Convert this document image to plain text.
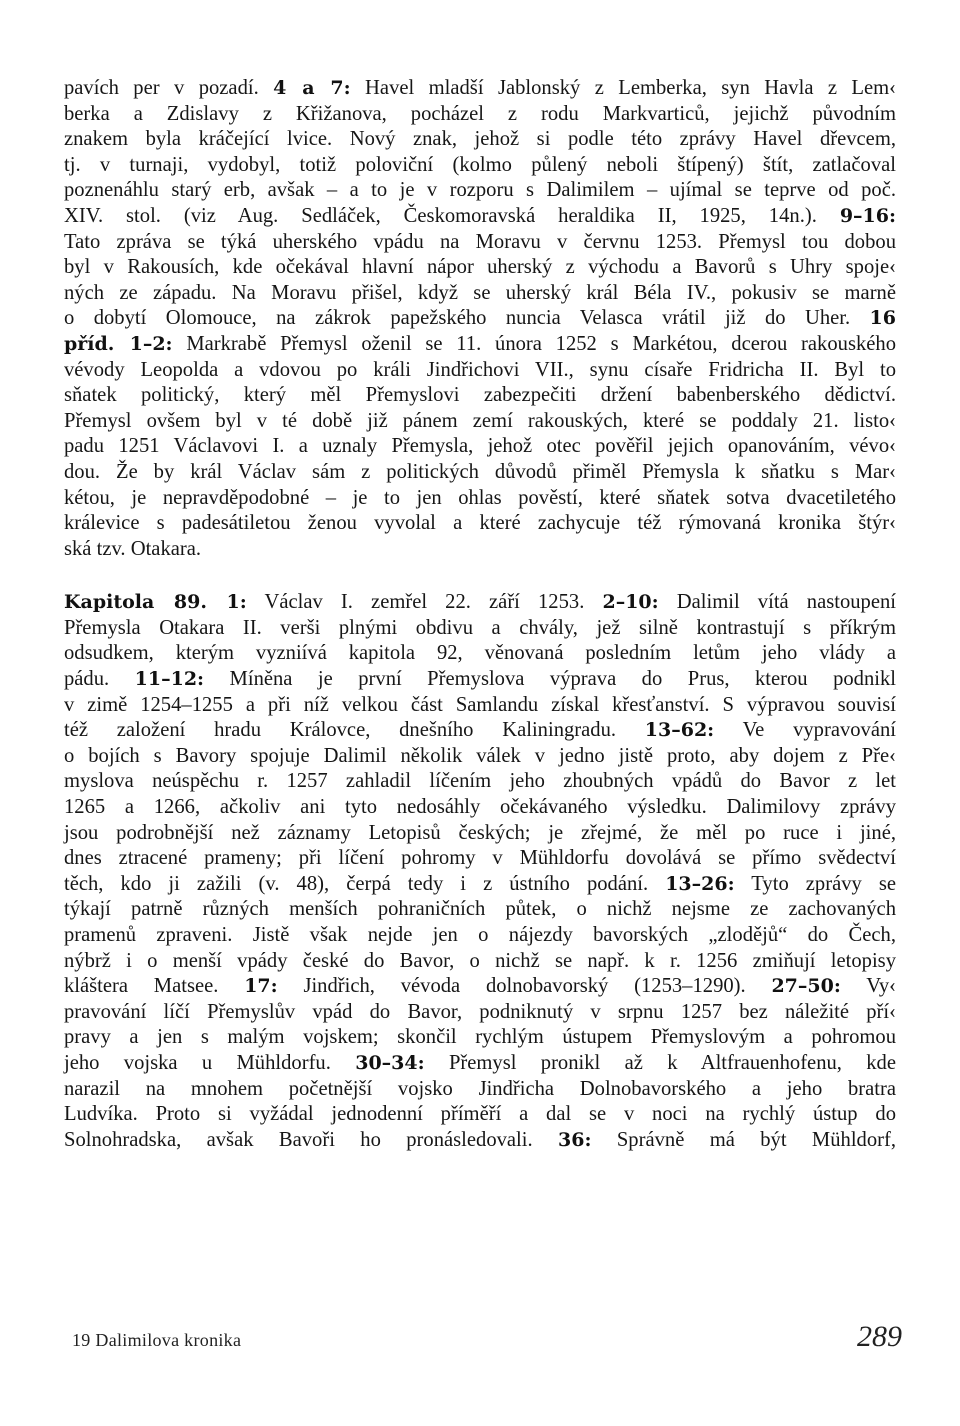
pavích per v pozadí. 4 a 7: Havel mladší Jablonský z Lemberka, syn Havla z Lem‹
berka a Zdislavy z Křižanova, pocházel z rodu Markvarticů, jejichž původním
znakem byla kráčející lvice. Nový znak, jehož si podle této zprávy Havel dřevcem,
tj. v turnaji, vydobyl, totiž poloviční (kolmo půlený neboli štípený) štít, zatlačoval
poznenáhlu starý erb, avšak – a to je v rozporu s Dalimilem – ujímal se teprve od poč.
XIV. stol. (viz Aug. Sedláček, Českomoravská heraldika II, 1925, 14n.). 9–16:
Tato zpráva se týká uherského vpádu na Moravu v červnu 1253. Přemysl tou dobou
byl v Rakousích, kde očekával hlavní nápor uherský z východu a Bavorů s Uhry spoje‹
ných ze západu. Na Moravu přišel, když se uherský král Béla IV., pokusiv se marně
o dobytí Olomouce, na zákrok papežského nuncia Velasca vrátil již do Uher. 16
příd. 1–2: Markrabě Přemysl oženil se 11. února 1252 s Markétou, dcerou rakouského
vévody Leopolda a vdovou po králi Jindřichovi VII., synu císaře Fridricha II. Byl to
sňatek politický, který měl Přemyslovi zabezpečiti držení babenberského dědictví.
Přemysl ovšem byl v té době již pánem zemí rakouských, které se poddaly 21. listo‹
padu 1251 Václavovi I. a uznaly Přemysla, jehož otec pověřil jejich opanováním, vévo‹
dou. Že by král Václav sám z politických důvodů přiměl Přemysla k sňatku s Mar‹
kétou, je nepravděpodobné – je to jen ohlas pověstí, které sňatek sotva dvacetiletého
králevice s padesátiletou ženou vyvolal a které zachycuje též rýmovaná kronika štýr‹
ská tzv. Otakara.
Kapitola 89. 1: Václav I. zemřel 22. září 1253. 2–10: Dalimil vítá nastoupení
Přemysla Otakara II. verši plnými obdivu a chvály, jež silně kontrastují s příkrým
odsudkem, kterým vyzniívá kapitola 92, věnovaná posledním letům jeho vlády a
pádu. 11–12: Míněna je první Přemyslova výprava do Prus, kterou podnikl
v zimě 1254–1255 a při níž velkou část Samlandu získal křesťanství. S výpravou souvisí
též založení hradu Královce, dnešního Kaliningradu. 13–62: Ve vypravování
o bojích s Bavory spojuje Dalimil několik válek v jedno jistě proto, aby dojem z Pře‹
myslova neúspěchu r. 1257 zahladil líčením jeho zhoubných vpádů do Bavor z let
1265 a 1266, ačkoliv ani tyto nedosáhly očekávaného výsledku. Dalimilovy zprávy
jsou podrobnější než záznamy Letopisů českých; je zřejmé, že měl po ruce i jiné,
dnes ztracené prameny; při líčení pohromy v Mühldorfu dovolává se přímo svědectví
těch, kdo ji zažili (v. 48), čerpá tedy i z ústního podání. 13–26: Tyto zprávy se
týkají patrně různých menších pohraničních půtek, o nichž nejsme ze zachovaných
pramenů zpraveni. Jistě však nejde jen o nájezdy bavorských „zlodějů“ do Čech,
nýbrž i o menší vpády české do Bavor, o nichž se např. k r. 1256 zmiňují letopisy
kláštera Matsee. 17: Jindřich, vévoda dolnobavorský (1253–1290). 27–50: Vy‹
pravování líčí Přemyslův vpád do Bavor, podniknutý v srpnu 1257 bez náležité pří‹
pravy a jen s malým vojskem; skončil rychlým ústupem Přemyslovým a pohromou
jeho vojska u Mühldorfu. 30–34: Přemysl pronikl až k Altfrauenhofenu, kde
narazil na mnohem početnější vojsko Jindřicha Dolnobavorského a jeho bratra
Ludvíka. Proto si vyžádal jednodenní příměří a dal se v noci na rychlý ústup do
Solnohradska, avšak Bavoři ho pronásledovali. 36: Správně má být Mühldorf,
19 Dalimilova kronika	289
